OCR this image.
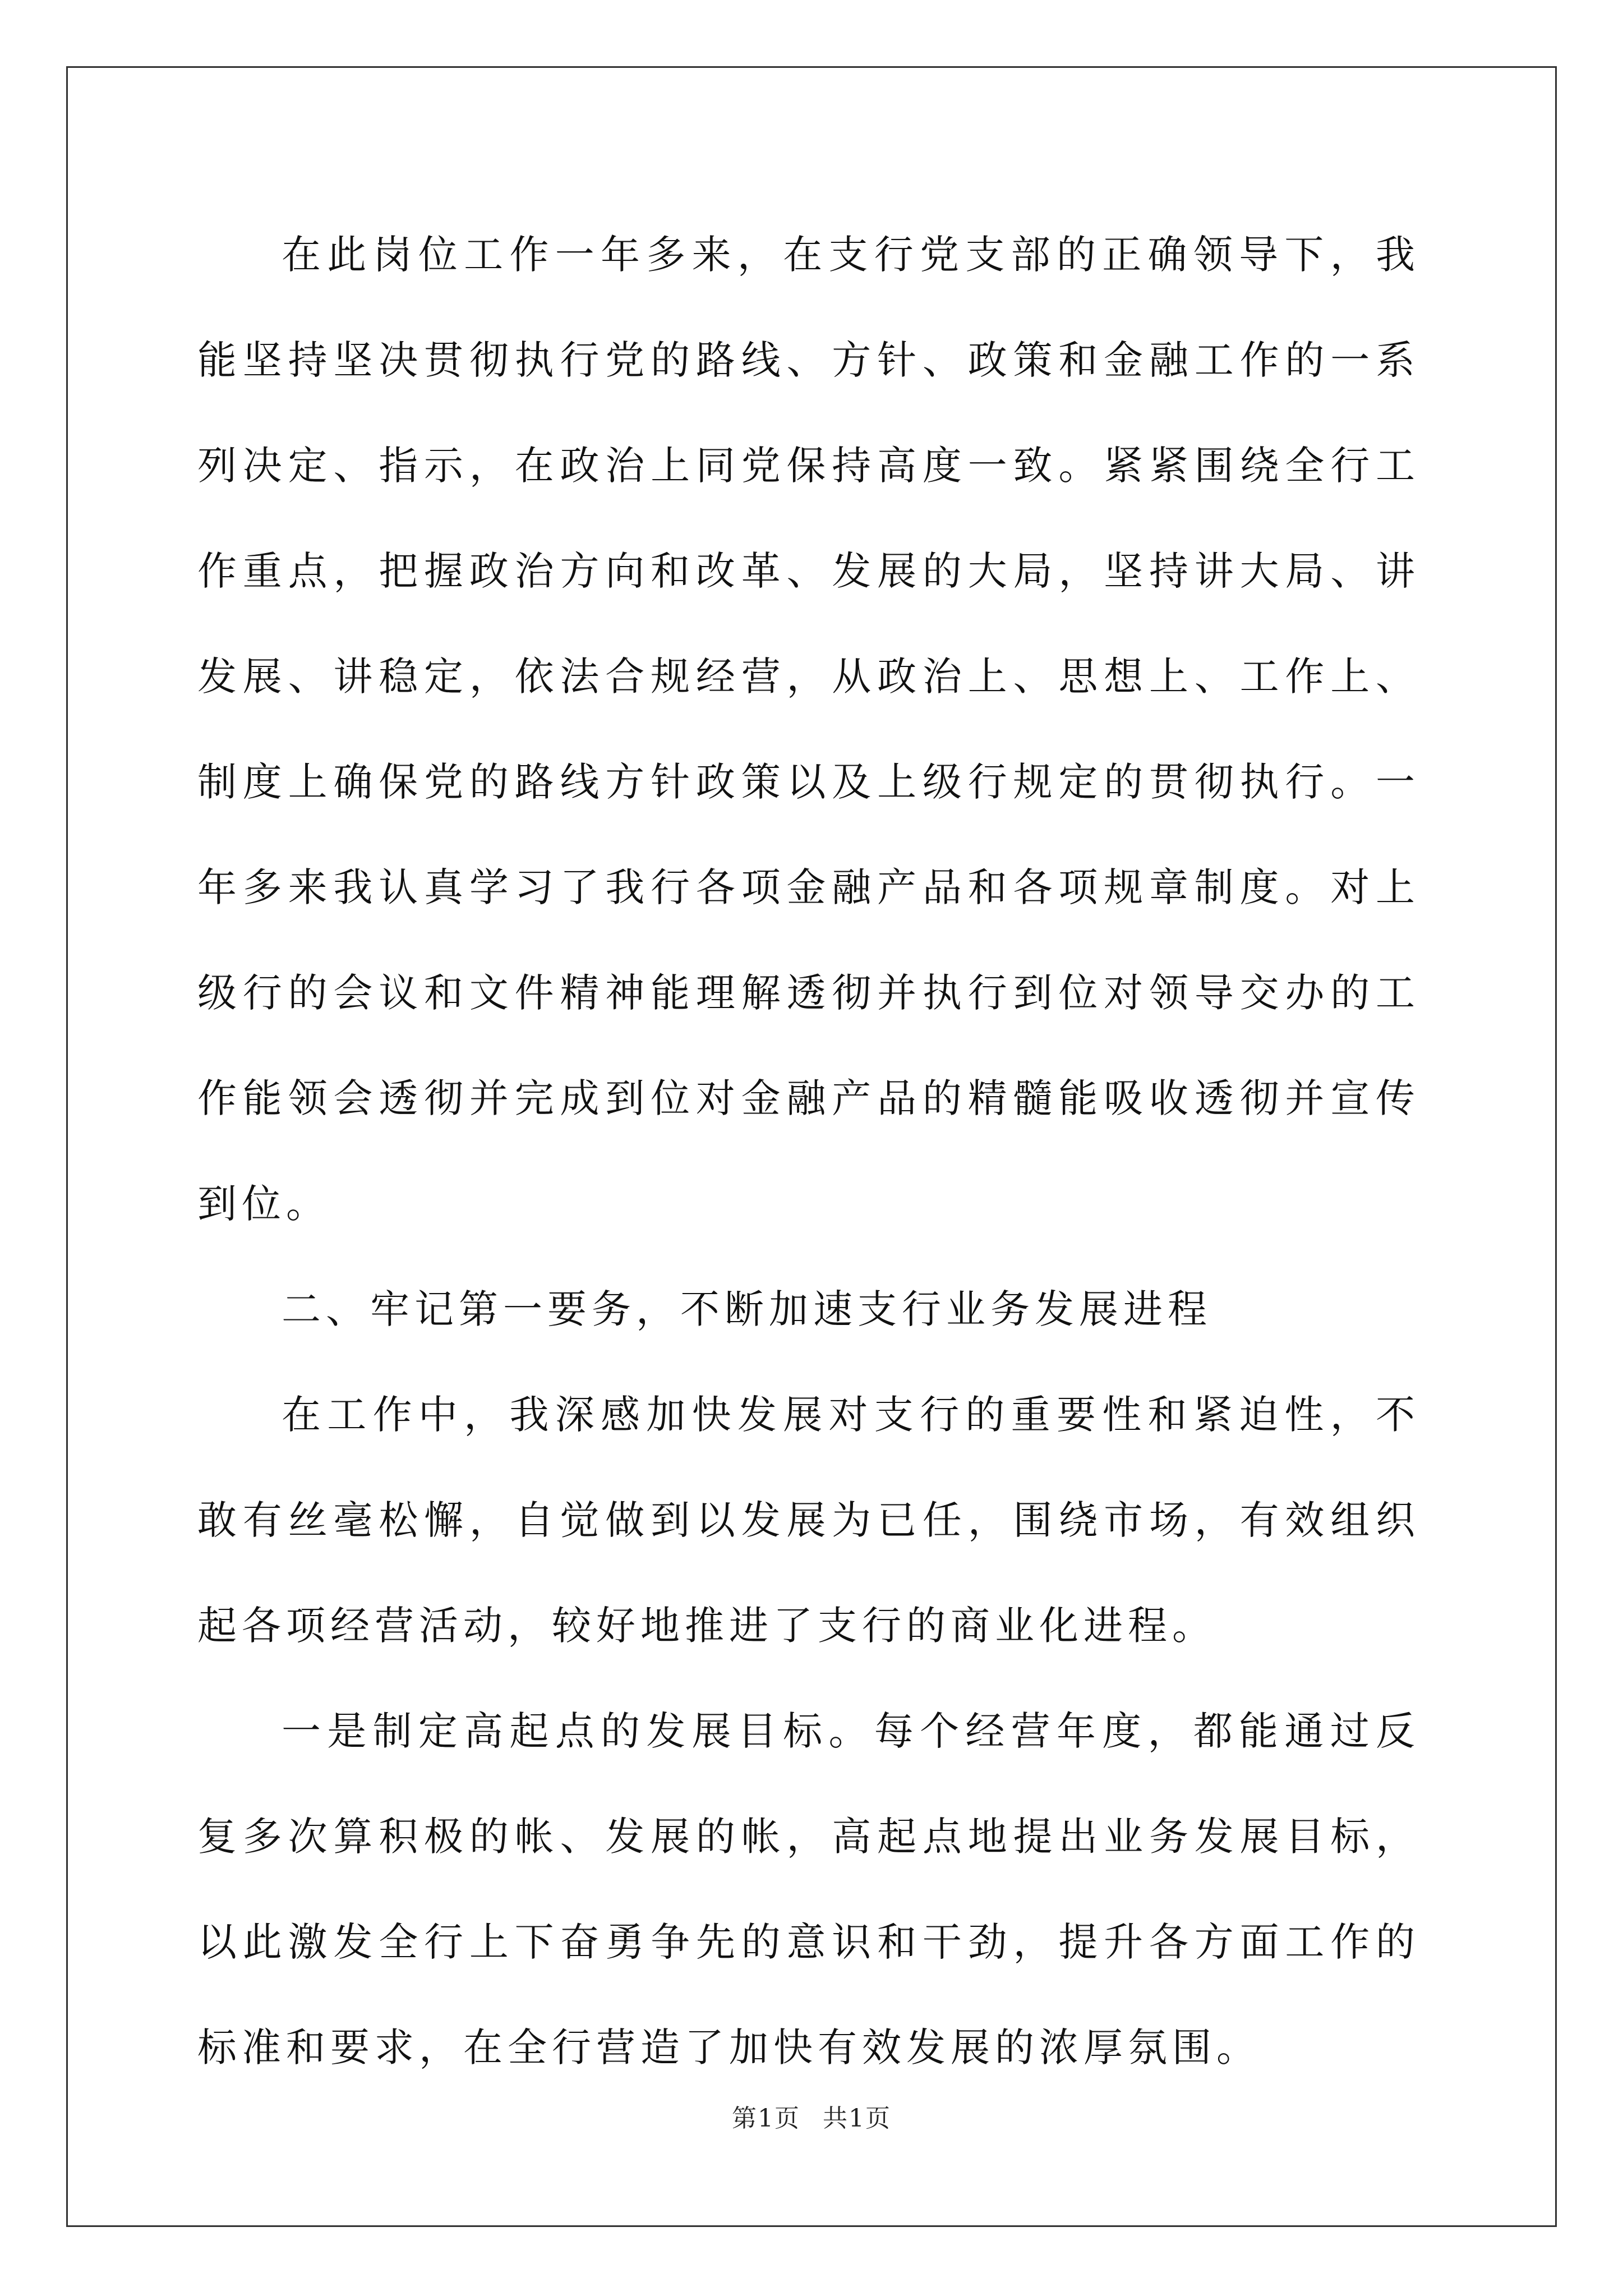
在此岗位工作一年多来，在支行党支部的正确领导下，我能坚持坚决贯彻执行党的路线、方针、政策和金融工作的一系列决定、指示，在政治上同党保持高度一致。紧紧围绕全行工作重点，把握政治方向和改革、发展的大局，坚持讲大局、讲发展、讲稳定，依法合规经营，从政治上、思想上、工作上、制度上确保党的路线方针政策以及上级行规定的贯彻执行。一年多来我认真学习了我行各项金融产品和各项规章制度。对上级行的会议和文件精神能理解透彻并执行到位对领导交办的工作能领会透彻并完成到位对金融产品的精髓能吸收透彻并宣传到位。

二、牢记第一要务，不断加速支行业务发展进程

在工作中，我深感加快发展对支行的重要性和紧迫性，不敢有丝毫松懈，自觉做到以发展为已任，围绕市场，有效组织起各项经营活动，较好地推进了支行的商业化进程。

一是制定高起点的发展目标。每个经营年度，都能通过反复多次算积极的帐、发展的帐，高起点地提出业务发展目标，以此激发全行上下奋勇争先的意识和干劲，提升各方面工作的标准和要求，在全行营造了加快有效发展的浓厚氛围。

第1页 共1页
